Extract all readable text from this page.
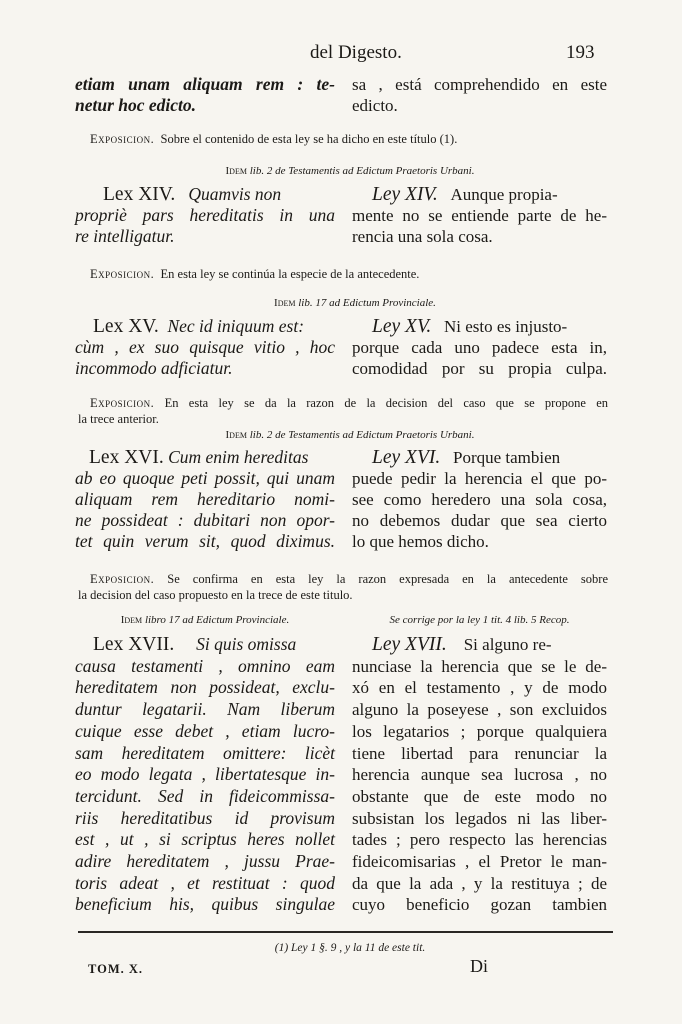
del Digesto.	193
etiam unam aliquam rem : te-
netur hoc edicto.
sa , está comprehendido en este
edicto.
Exposicion. Sobre el contenido de esta ley se ha dicho en este título (1).
Idem lib. 2 de Testamentis ad Edictum Praetoris Urbani.
Lex XIV. Quamvis non
propriè pars hereditatis in una
re intelligatur.
Ley XIV. Aunque propia-
mente no se entiende parte de he-
rencia una sola cosa.
Exposicion. En esta ley se continúa la especie de la antecedente.
Idem lib. 17 ad Edictum Provinciale.
Lex XV. Nec id iniquum est:
cùm , ex suo quisque vitio , hoc
incommodo adficiatur.
Ley XV. Ni esto es injusto-
porque cada uno padece esta in,
comodidad por su propia culpa.
Exposicion. En esta ley se da la razon de la decision del caso que se propone en
la trece anterior.
Idem lib. 2 de Testamentis ad Edictum Praetoris Urbani.
Lex XVI. Cum enim hereditas
ab eo quoque peti possit, qui unam
aliquam rem hereditario nomi-
ne possideat : dubitari non opor-
tet quin verum sit, quod diximus.
Ley XVI. Porque tambien
puede pedir la herencia el que po-
see como heredero una sola cosa,
no debemos dudar que sea cierto
lo que hemos dicho.
Exposicion. Se confirma en esta ley la razon expresada en la antecedente sobre
la decision del caso propuesto en la trece de este titulo.
Idem libro 17 ad Edictum Provinciale.	Se corrige por la ley 1 tit. 4 lib. 5 Recop.
Lex XVII. Si quis omissa
causa testamenti , omnino eam
hereditatem non possideat, exclu-
duntur legatarii. Nam liberum
cuique esse debet , etiam lucro-
sam hereditatem omittere: licèt
eo modo legata , libertatesque in-
tercidunt. Sed in fideicommissa-
riis hereditatibus id provisum
est , ut , si scriptus heres nollet
adire hereditatem , jussu Prae-
toris adeat , et restituat : quod
beneficium his, quibus singulae
Ley XVII. Si alguno re-
nunciase la herencia que se le de-
xó en el testamento , y de modo
alguno la poseyese , son excluidos
los legatarios ; porque qualquiera
tiene libertad para renunciar la
herencia aunque sea lucrosa , no
obstante que de este modo no
subsistan los legados ni las liber-
tades ; pero respecto las herencias
fideicomisarias , el Pretor le man-
da que la ada , y la restituya ; de
cuyo beneficio gozan tambien
(1) Ley 1 §. 9 , y la 11 de este tit.
TOM. X.	Di
